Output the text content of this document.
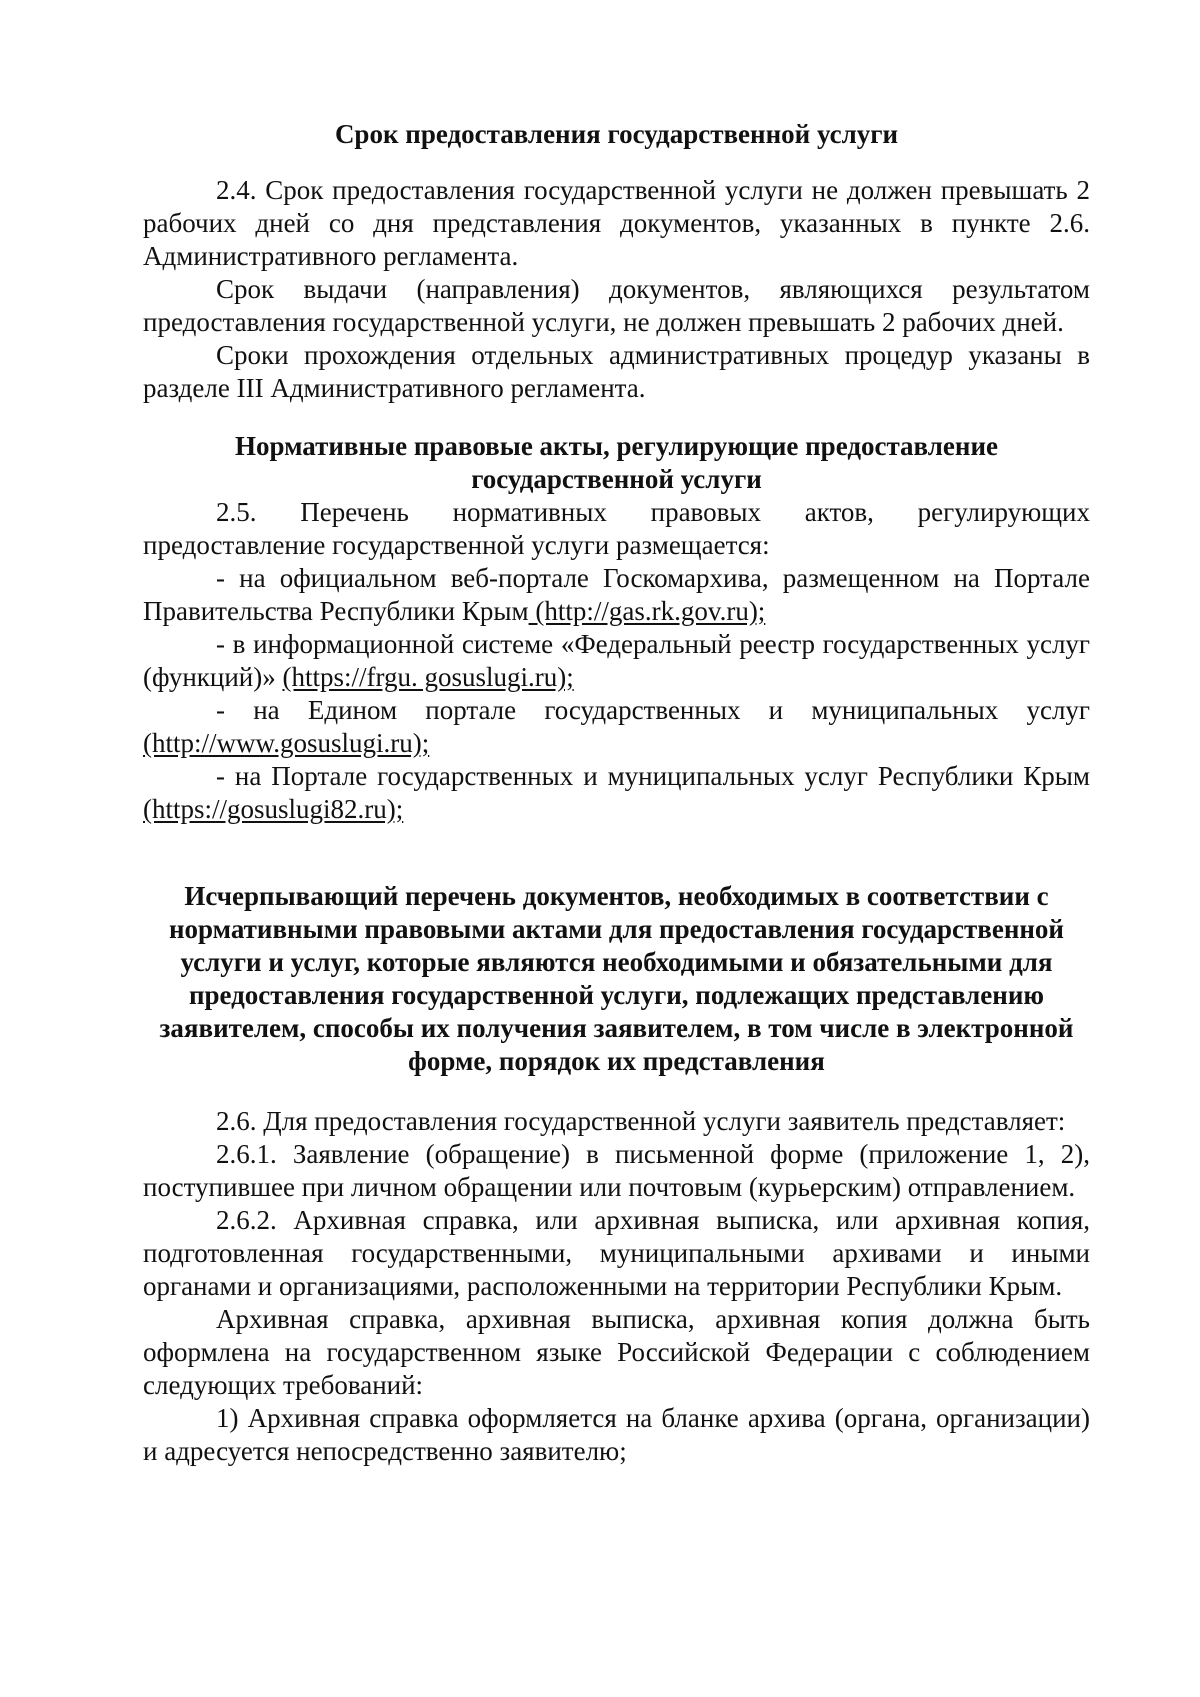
Срок предоставления государственной услуги

2.4. Срок предоставления государственной услуги не должен превышать 2 рабочих дней со дня представления документов, указанных в пункте 2.6. Административного регламента.

Срок выдачи (направления) документов, являющихся результатом предоставления государственной услуги, не должен превышать 2 рабочих дней.

Сроки прохождения отдельных административных процедур указаны в разделе III Административного регламента.

Нормативные правовые акты, регулирующие предоставление государственной услуги

2.5. Перечень нормативных правовых актов, регулирующих предоставление государственной услуги размещается:

- на официальном веб-портале Госкомархива, размещенном на Портале Правительства Республики Крым (http://gas.rk.gov.ru);

- в информационной системе «Федеральный реестр государственных услуг (функций)» (https://frgu. gosuslugi.ru);

- на Едином портале государственных и муниципальных услуг (http://www.gosuslugi.ru);

- на Портале государственных и муниципальных услуг Республики Крым (https://gosuslugi82.ru);

Исчерпывающий перечень документов, необходимых в соответствии с нормативными правовыми актами для предоставления государственной услуги и услуг, которые являются необходимыми и обязательными для предоставления государственной услуги, подлежащих представлению заявителем, способы их получения заявителем, в том числе в электронной форме, порядок их представления

2.6. Для предоставления государственной услуги заявитель представляет:

2.6.1. Заявление (обращение) в письменной форме (приложение 1, 2), поступившее при личном обращении или почтовым (курьерским) отправлением.

2.6.2. Архивная справка, или архивная выписка, или архивная копия, подготовленная государственными, муниципальными архивами и иными органами и организациями, расположенными на территории Республики Крым.

Архивная справка, архивная выписка, архивная копия должна быть оформлена на государственном языке Российской Федерации с соблюдением следующих требований:

1) Архивная справка оформляется на бланке архива (органа, организации) и адресуется непосредственно заявителю;
